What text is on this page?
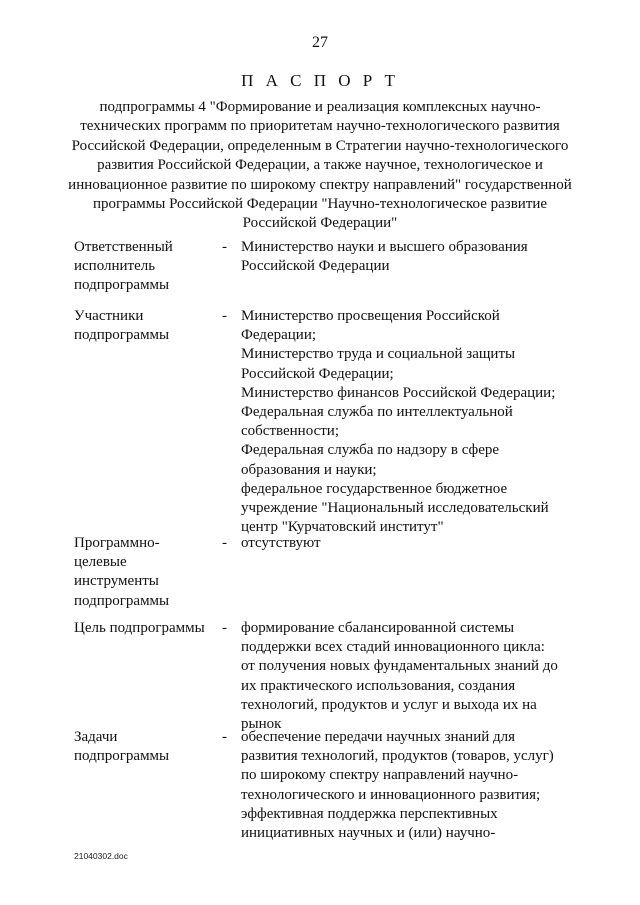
27
П А С П О Р Т

подпрограммы 4 "Формирование и реализация комплексных научно-технических программ по приоритетам научно-технологического развития Российской Федерации, определенным в Стратегии научно-технологического развития Российской Федерации, а также научное, технологическое и инновационное развитие по широкому спектру направлений" государственной программы Российской Федерации "Научно-технологическое развитие Российской Федерации"

Ответственный
исполнитель
подпрограммы
- Министерство науки и высшего образования
Российской Федерации
Участники
подпрограммы
- Министерство просвещения Российской
Федерации;
Министерство труда и социальной защиты
Российской Федерации;
Министерство финансов Российской Федерации;
Федеральная служба по интеллектуальной
собственности;
Федеральная служба по надзору в сфере
образования и науки;
федеральное государственное бюджетное
учреждение "Национальный исследовательский
центр "Курчатовский институт"
Программно-
целевые
инструменты
подпрограммы
- отсутствуют
Цель подпрограммы	- формирование сбалансированной системы
поддержки всех стадий инновационного цикла:
от получения новых фундаментальных знаний до
их практического использования, создания
технологий, продуктов и услуг и выхода их на
рынок
Задачи
подпрограммы
- обеспечение передачи научных знаний для
развития технологий, продуктов (товаров, услуг)
по широкому спектру направлений научно-
технологического и инновационного развития;
эффективная поддержка перспективных
инициативных научных и (или) научно-
21040302.doc
